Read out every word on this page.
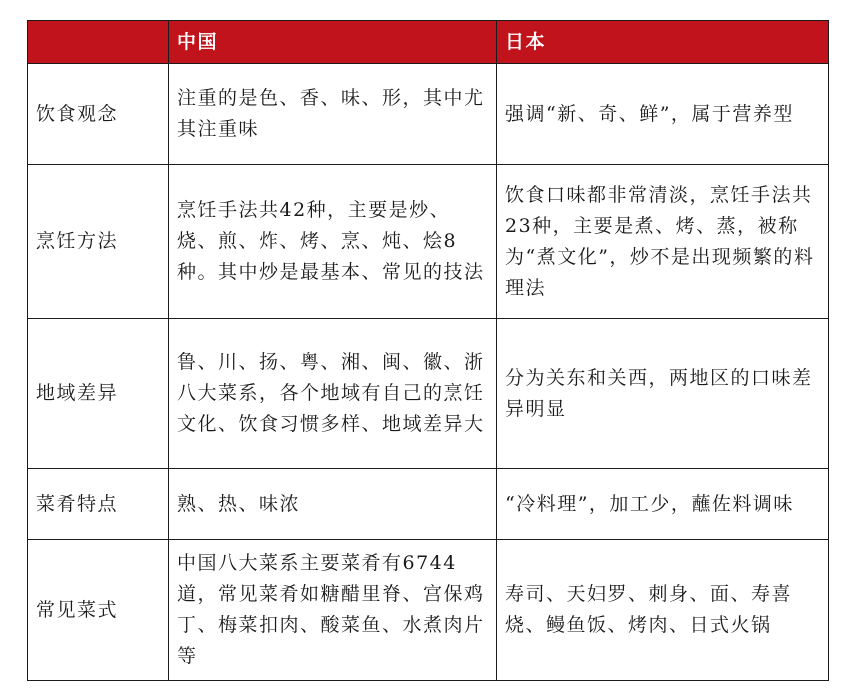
	中国	日本
饮食观念	注重的是色、香、味、形，其中尤其注重味	强调“新、奇、鲜”，属于营养型
烹饪方法	烹饪手法共42种，主要是炒、烧、煎、炸、烤、烹、炖、烩8种。其中炒是最基本、常见的技法	饮食口味都非常清淡，烹饪手法共23种，主要是煮、烤、蒸，被称为“煮文化”，炒不是出现频繁的料理法
地域差异	鲁、川、扬、粤、湘、闽、徽、浙八大菜系，各个地域有自己的烹饪文化、饮食习惯多样、地域差异大	分为关东和关西，两地区的口味差异明显
菜肴特点	熟、热、味浓	“冷料理”，加工少，蘸佐料调味
常见菜式	中国八大菜系主要菜肴有6744道，常见菜肴如糖醋里脊、宫保鸡丁、梅菜扣肉、酸菜鱼、水煮肉片等	寿司、天妇罗、刺身、面、寿喜烧、鳗鱼饭、烤肉、日式火锅
